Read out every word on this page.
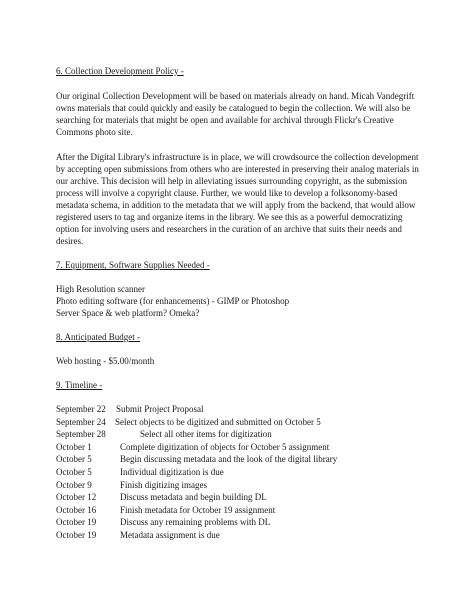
6. Collection Development Policy -

Our original Collection Development will be based on materials already on hand. Micah Vandegrift owns materials that could quickly and easily be catalogued to begin the collection. We will also be searching for materials that might be open and available for archival through Flickr's Creative Commons photo site.

After the Digital Library's infrastructure is in place, we will crowdsource the collection development by accepting open submissions from others who are interested in preserving their analog materials in our archive. This decision will help in alleviating issues surrounding copyright, as the submission process will involve a copyright clause. Further, we would like to develop a folksonomy-based metadata schema, in addition to the metadata that we will apply from the backend, that would allow registered users to tag and organize items in the library. We see this as a powerful democratizing option for involving users and researchers in the curation of an archive that suits their needs and desires.

7. Equipment, Software Supplies Needed -

High Resolution scanner

Photo editing software (for enhancements) - GIMP or Photoshop

Server Space & web platform? Omeka?

8. Anticipated Budget -

Web hosting - $5.00/month

9. Timeline -

September 22 Submit Project Proposal
September 24 Select objects to be digitized and submitted on October 5
September 28	Select all other items for digitization
October 1	Complete digitization of objects for October 5 assignment
October 5	Begin discussing metadata and the look of the digital library
October 5	Individual digitization is due
October 9	Finish digitizing images
October 12	Discuss metadata and begin building DL
October 16	Finish metadata for October 19 assignment
October 19	Discuss any remaining problems with DL
October 19	Metadata assignment is due
